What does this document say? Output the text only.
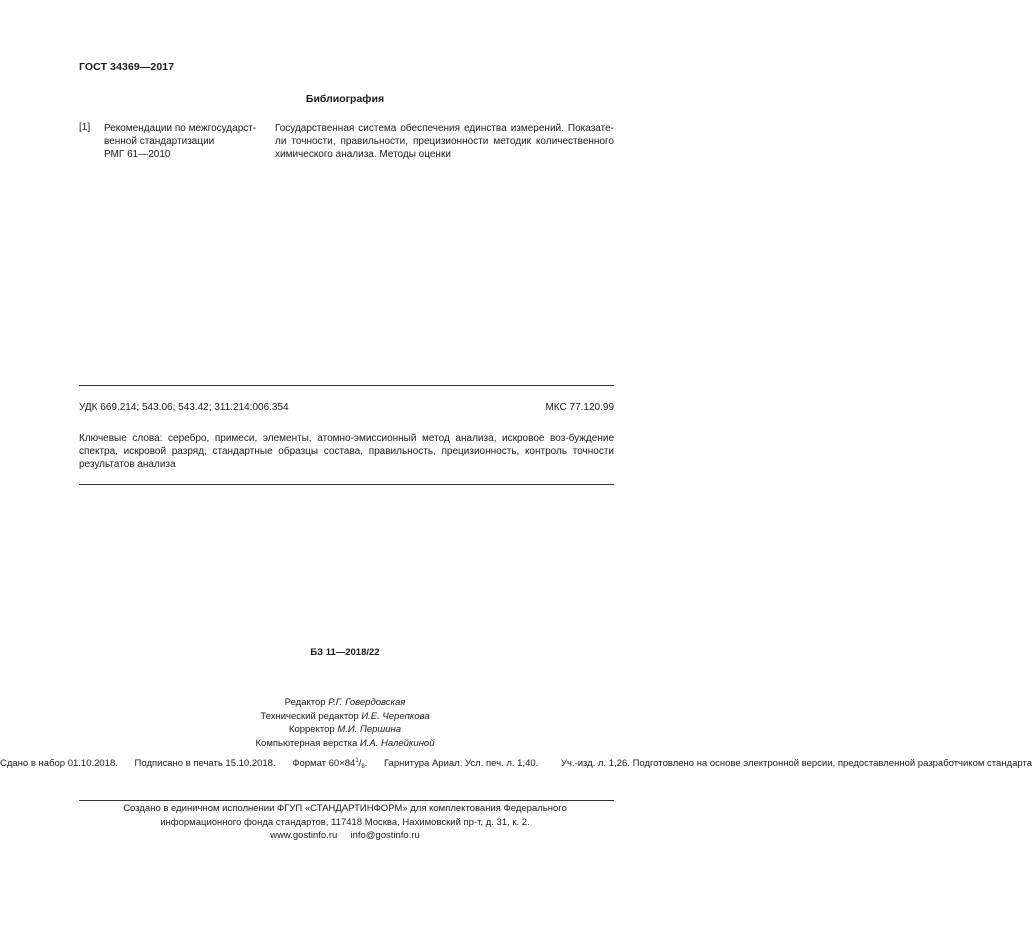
ГОСТ 34369—2017
Библиография
[1] Рекомендации по межгосударст-
венной стандартизации
РМГ 61—2010
Государственная система обеспечения единства измерений. Показате-ли точности, правильности, прецизионности методик количественного химического анализа. Методы оценки
УДК 669.214; 543.06; 543.42; 311.214:006.354	МКС 77.120.99
Ключевые слова: серебро, примеси, элементы, атомно-эмиссионный метод анализа, искровое воз-буждение спектра, искровой разряд, стандартные образцы состава, правильность, прецизионность, контроль точности результатов анализа
БЗ 11—2018/22
Редактор Р.Г. Говердовская
Технический редактор И.Е. Черепкова
Корректор М.И. Першина
Компьютерная верстка И.А. Налейкиной
Сдано в набор 01.10.2018. Подписано в печать 15.10.2018. Формат $60\times 84^1/_8$. Гарнитура Ариал. Усл. печ. л. 1,40. Уч.-изд. л. 1,26. Подготовлено на основе электронной версии, предоставленной разработчиком стандарта
Создано в единичном исполнении ФГУП «СТАНДАРТИНФОРМ» для комплектования Федерального
информационного фонда стандартов, 117418 Москва, Нахимовский пр-т, д. 31, к. 2.
www.gostinfo.ru info@gostinfo.ru
